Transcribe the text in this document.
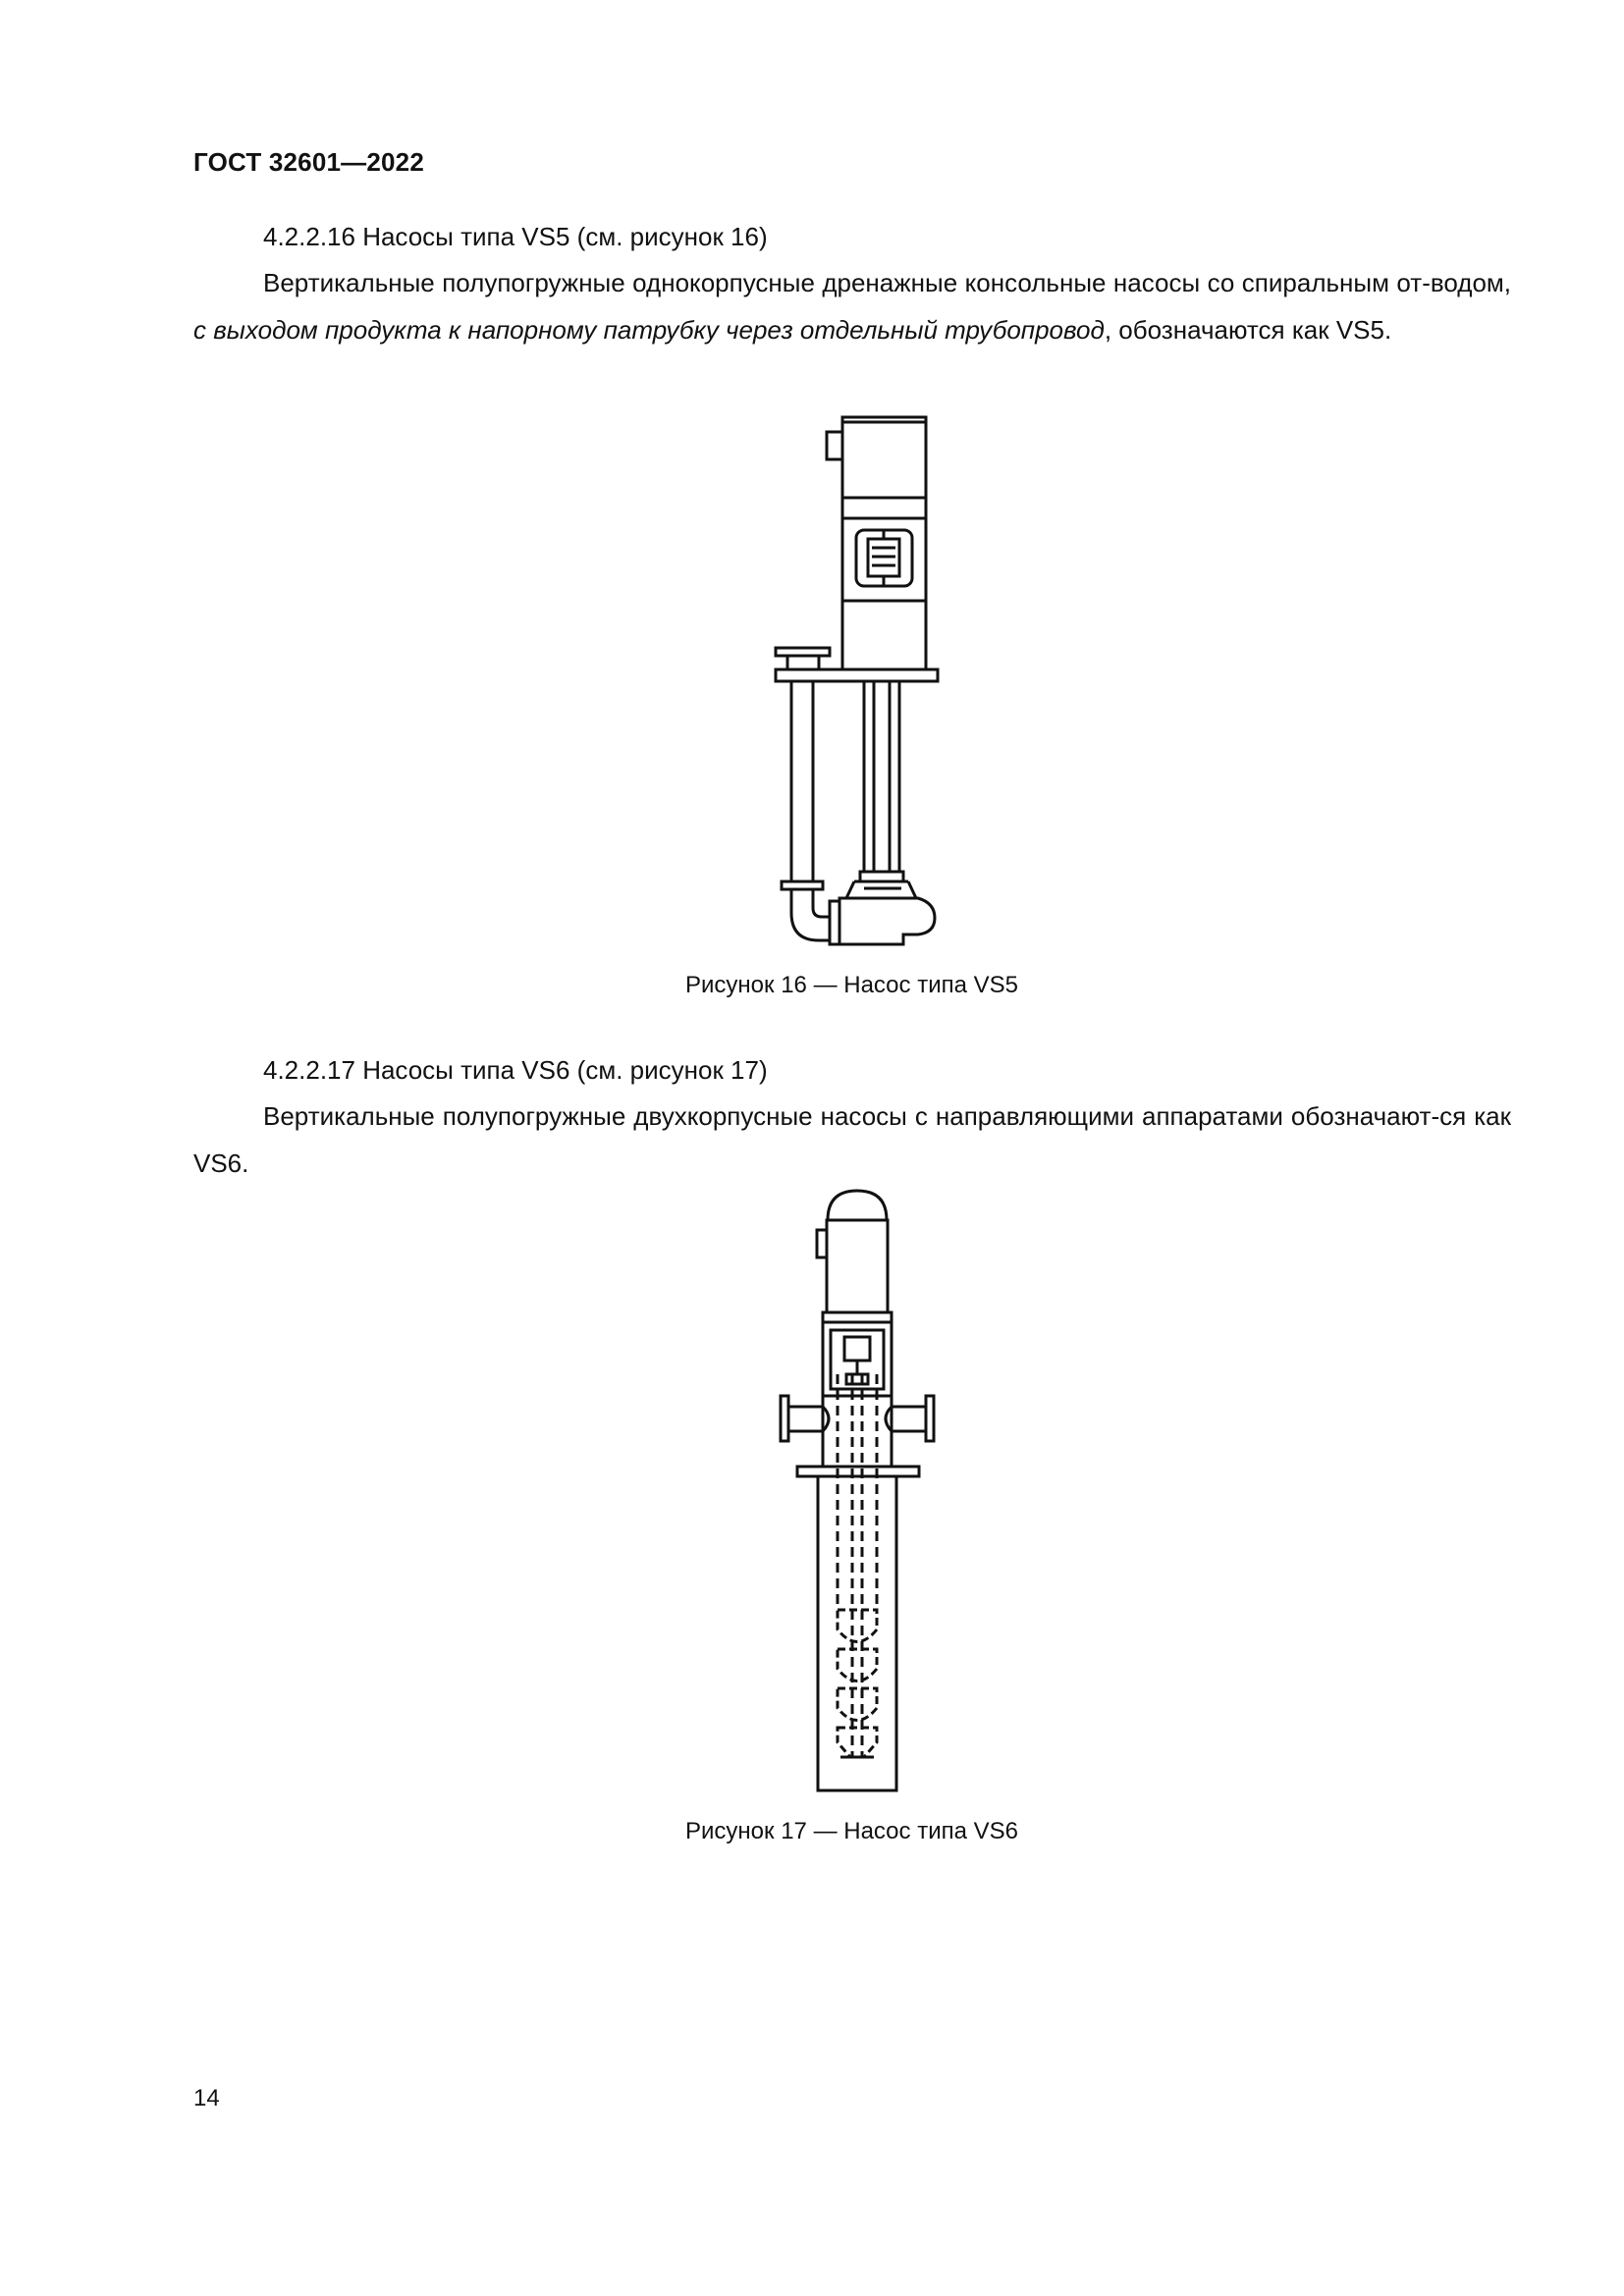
ГОСТ 32601—2022
4.2.2.16 Насосы типа VS5 (см. рисунок 16)

Вертикальные полупогружные однокорпусные дренажные консольные насосы со спиральным от-водом, с выходом продукта к напорному патрубку через отдельный трубопровод, обозначаются как VS5.

Рисунок 16 — Насос типа VS5
4.2.2.17 Насосы типа VS6 (см. рисунок 17)

Вертикальные полупогружные двухкорпусные насосы с направляющими аппаратами обозначают-ся как VS6.

Рисунок 17 — Насос типа VS6
14
